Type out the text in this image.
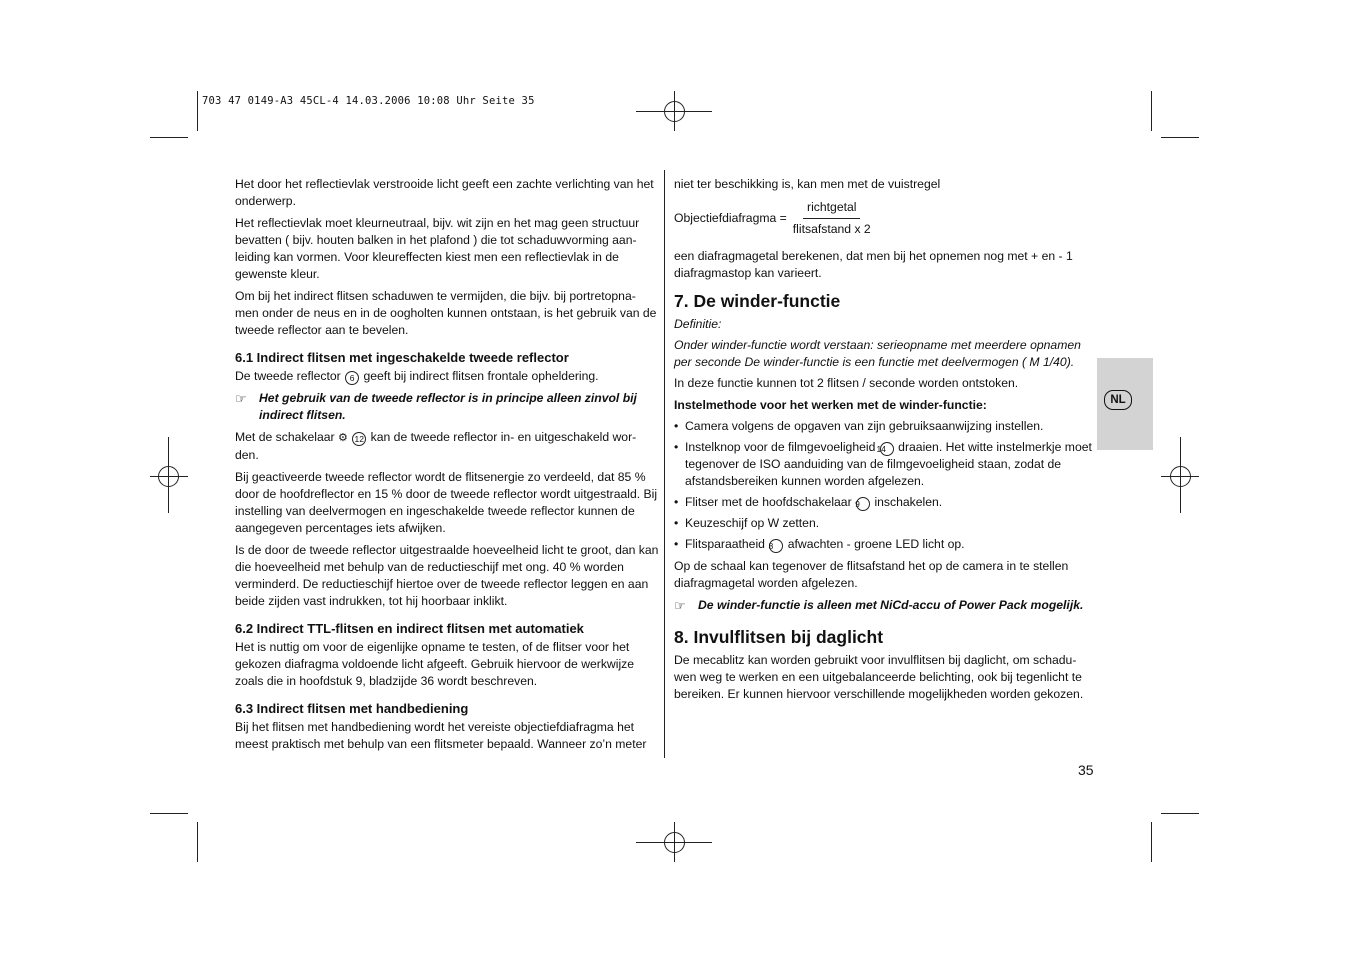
703 47 0149-A3 45CL-4 14.03.2006 10:08 Uhr Seite 35

Het door het reflectievlak verstrooide licht geeft een zachte verlichting van het onderwerp.

Het reflectievlak moet kleurneutraal, bijv. wit zijn en het mag geen structuur bevatten ( bijv. houten balken in het plafond ) die tot schaduwvorming aan-leiding kan vormen. Voor kleureffecten kiest men een reflectievlak in de gewenste kleur.

Om bij het indirect flitsen schaduwen te vermijden, die bijv. bij portretopna-men onder de neus en in de oogholten kunnen ontstaan, is het gebruik van de tweede reflector aan te bevelen.

6.1 Indirect flitsen met ingeschakelde tweede reflector

De tweede reflector 6 geeft bij indirect flitsen frontale opheldering.

☞	Het gebruik van de tweede reflector is in principe alleen zinvol bij indirect flitsen.

Met de schakelaar ⚙ 12 kan de tweede reflector in- en uitgeschakeld wor-den.

Bij geactiveerde tweede reflector wordt de flitsenergie zo verdeeld, dat 85 % door de hoofdreflector en 15 % door de tweede reflector wordt uitgestraald. Bij instelling van deelvermogen en ingeschakelde tweede reflector kunnen de aangegeven percentages iets afwijken.

Is de door de tweede reflector uitgestraalde hoeveelheid licht te groot, dan kan die hoeveelheid met behulp van de reductieschijf met ong. 40 % worden verminderd. De reductieschijf hiertoe over de tweede reflector leggen en aan beide zijden vast indrukken, tot hij hoorbaar inklikt.

6.2 Indirect TTL-flitsen en indirect flitsen met automatiek

Het is nuttig om voor de eigenlijke opname te testen, of de flitser voor het gekozen diafragma voldoende licht afgeeft. Gebruik hiervoor de werkwijze zoals die in hoofdstuk 9, bladzijde 36 wordt beschreven.

6.3 Indirect flitsen met handbediening

Bij het flitsen met handbediening wordt het vereiste objectiefdiafragma het meest praktisch met behulp van een flitsmeter bepaald. Wanneer zo’n meter

niet ter beschikking is, kan men met de vuistregel

Objectiefdiafragma = $\frac{\text{richtgetal}}{\text{flitsafstand x 2}}$

een diafragmagetal berekenen, dat men bij het opnemen nog met + en - 1 diafragmastop kan varieert.

7. De winder-functie
Definitie:
Onder winder-functie wordt verstaan: serieopname met meerdere opnamen per seconde De winder-functie is een functie met deelvermogen ( M 1/40).

In deze functie kunnen tot 2 flitsen / seconde worden ontstoken.

Instelmethode voor het werken met de winder-functie:
• Camera volgens de opgaven van zijn gebruiksaanwijzing instellen.
• Instelknop voor de filmgevoeligheid 14 draaien. Het witte instelmerkje moet tegenover de ISO aanduiding van de filmgevoeligheid staan, zodat de afstandsbereiken kunnen worden afgelezen.
• Flitser met de hoofdschakelaar 9 inschakelen.
• Keuzeschijf op W zetten.
• Flitsparaatheid 8 afwachten - groene LED licht op.

Op de schaal kan tegenover de flitsafstand het op de camera in te stellen diafragmagetal worden afgelezen.

☞	De winder-functie is alleen met NiCd-accu of Power Pack mogelijk.
8. Invulflitsen bij daglicht

De mecablitz kan worden gebruikt voor invulflitsen bij daglicht, om schadu-wen weg te werken en een uitgebalanceerde belichting, ook bij tegenlicht te bereiken. Er kunnen hiervoor verschillende mogelijkheden worden gekozen.

NL
35
